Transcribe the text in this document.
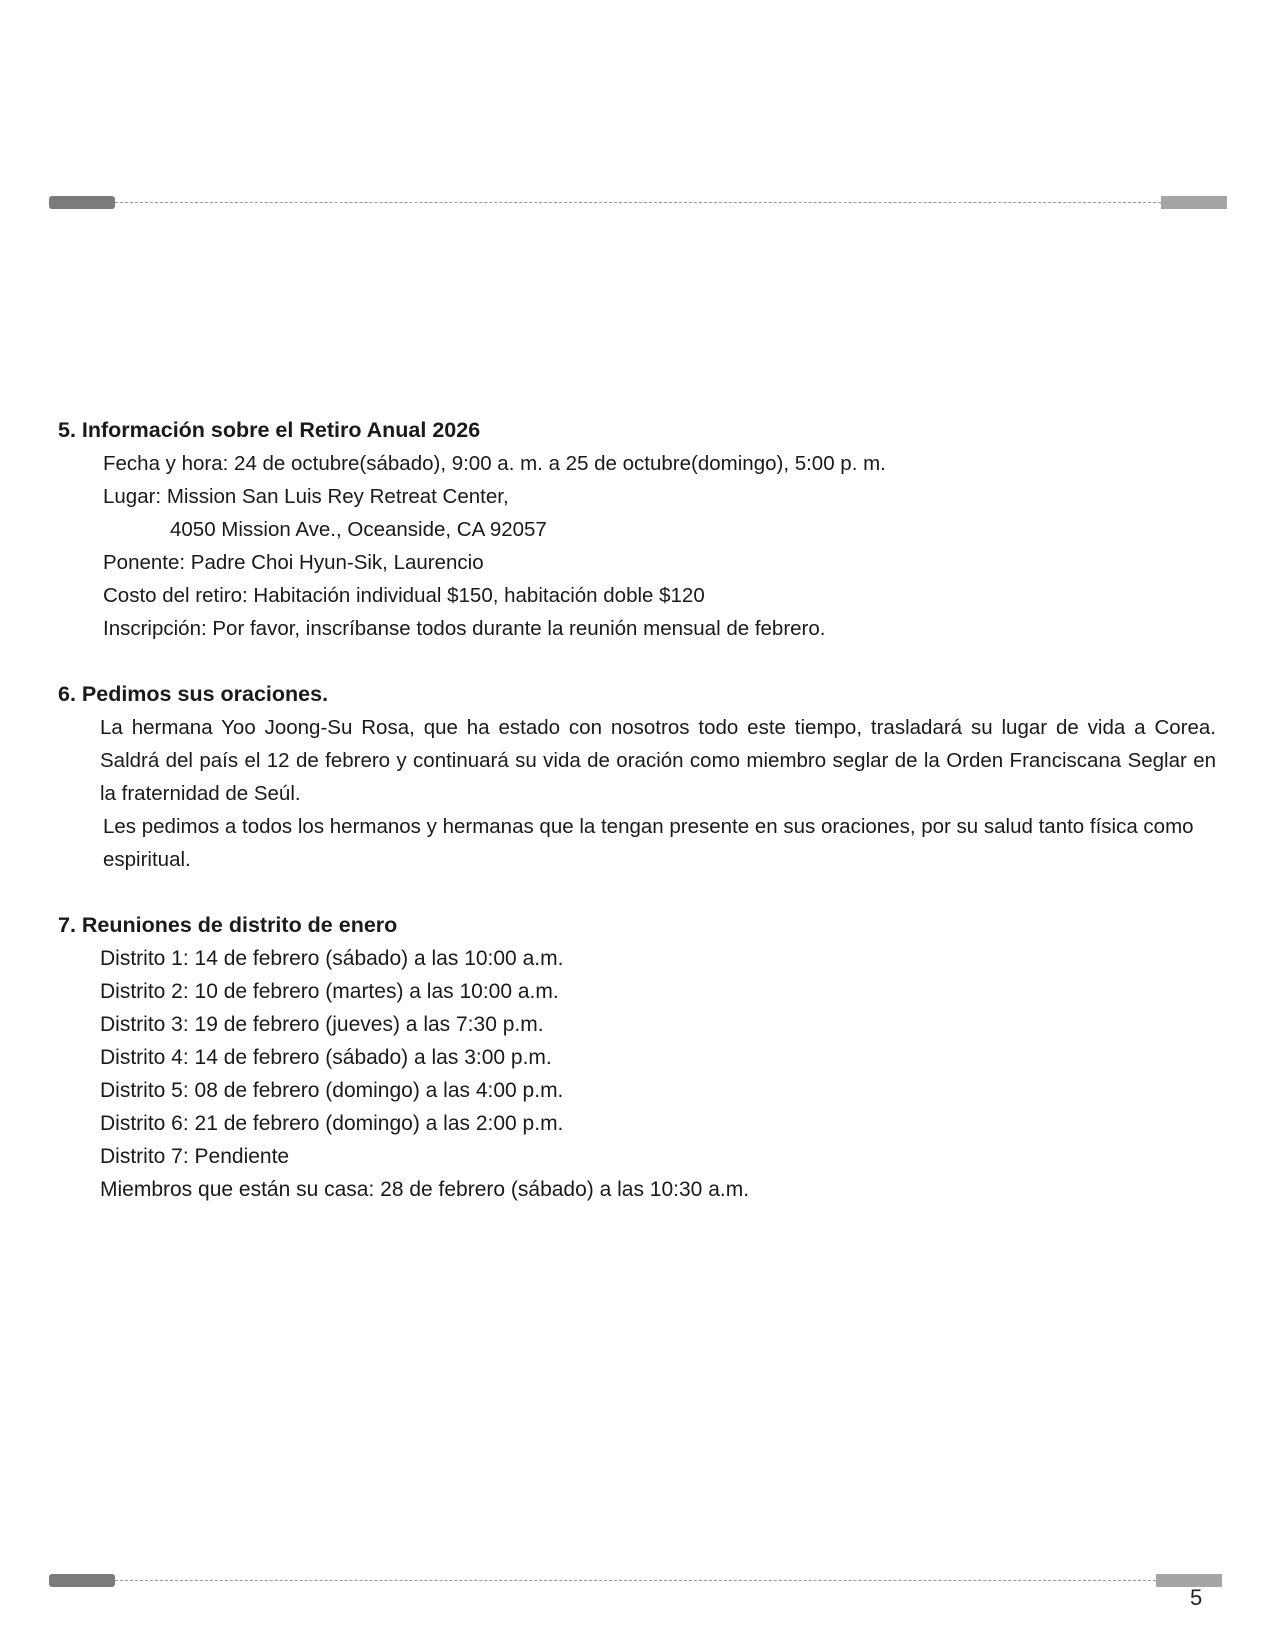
5. Información sobre el Retiro Anual 2026

Fecha y hora: 24 de octubre(sábado), 9:00 a. m. a 25 de octubre(domingo), 5:00 p. m.

Lugar: Mission San Luis Rey Retreat Center,

4050 Mission Ave., Oceanside, CA 92057

Ponente: Padre Choi Hyun-Sik, Laurencio

Costo del retiro: Habitación individual $150, habitación doble $120

Inscripción: Por favor, inscríbanse todos durante la reunión mensual de febrero.

6. Pedimos sus oraciones.

La hermana Yoo Joong-Su Rosa, que ha estado con nosotros todo este tiempo, trasladará su lugar de vida a Corea. Saldrá del país el 12 de febrero y continuará su vida de oración como miembro seglar de la Orden Franciscana Seglar en la fraternidad de Seúl.

Les pedimos a todos los hermanos y hermanas que la tengan presente en sus oraciones, por su salud tanto física como espiritual.

7. Reuniones de distrito de enero

Distrito 1: 14 de febrero (sábado) a las 10:00 a.m.

Distrito 2: 10 de febrero (martes) a las 10:00 a.m.

Distrito 3: 19 de febrero (jueves) a las 7:30 p.m.

Distrito 4: 14 de febrero (sábado) a las 3:00 p.m.

Distrito 5: 08 de febrero (domingo) a las 4:00 p.m.

Distrito 6: 21 de febrero (domingo) a las 2:00 p.m.

Distrito 7: Pendiente

Miembros que están su casa: 28 de febrero (sábado) a las 10:30 a.m.

5
